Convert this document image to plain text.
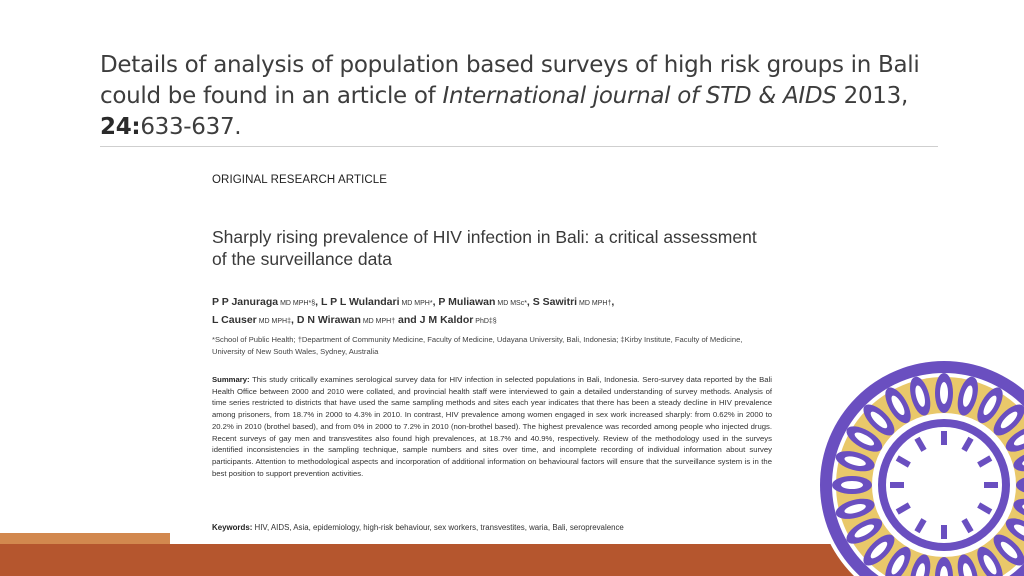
Details of analysis of population based surveys of high risk groups in Bali could be found in an article of International journal of STD & AIDS 2013,
24:633-637.
ORIGINAL RESEARCH ARTICLE
Sharply rising prevalence of HIV infection in Bali: a critical assessment of the surveillance data
P P Januraga MD MPH*§, L P L Wulandari MD MPH*, P Muliawan MD MSc*, S Sawitri MD MPH†,
L Causer MD MPH‡, D N Wirawan MD MPH† and J M Kaldor PhD‡§
*School of Public Health; †Department of Community Medicine, Faculty of Medicine, Udayana University, Bali, Indonesia; ‡Kirby Institute, Faculty of Medicine, University of New South Wales, Sydney, Australia
Summary: This study critically examines serological survey data for HIV infection in selected populations in Bali, Indonesia. Sero-survey data reported by the Bali Health Office between 2000 and 2010 were collated, and provincial health staff were interviewed to gain a detailed understanding of survey methods. Analysis of time series restricted to districts that have used the same sampling methods and sites each year indicates that there has been a steady decline in HIV prevalence among prisoners, from 18.7% in 2000 to 4.3% in 2010. In contrast, HIV prevalence among women engaged in sex work increased sharply: from 0.62% in 2000 to 20.2% in 2010 (brothel based), and from 0% in 2000 to 7.2% in 2010 (non-brothel based). The highest prevalence was recorded among people who injected drugs. Recent surveys of gay men and transvestites also found high prevalences, at 18.7% and 40.9%, respectively. Review of the methodology used in the surveys identified inconsistencies in the sampling technique, sample numbers and sites over time, and incomplete recording of individual information about survey participants. Attention to methodological aspects and incorporation of additional information on behavioural factors will ensure that the surveillance system is in the best position to support prevention activities.
Keywords: HIV, AIDS, Asia, epidemiology, high-risk behaviour, sex workers, transvestites, waria, Bali, seroprevalence
